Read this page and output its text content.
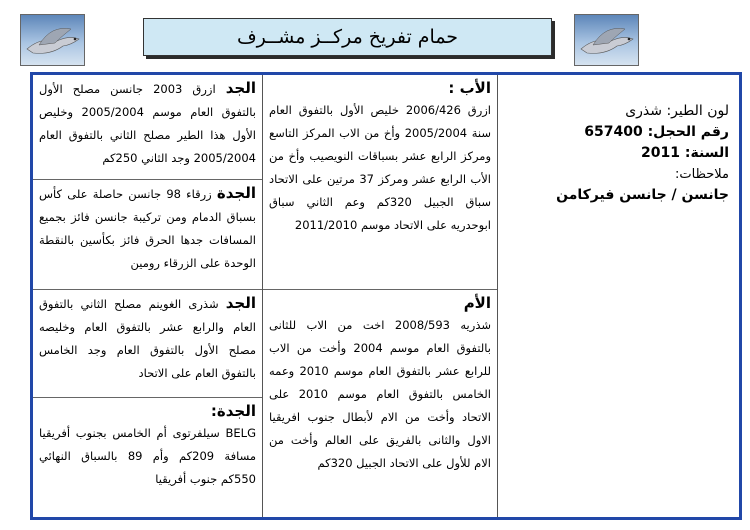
حمام تفريخ مركــز مشــرف
الجد ازرق 2003 جانسن مصلح الأول بالتفوق العام موسم 2005/2004 وخليص الأول هذا الطير مصلح الثاني بالتفوق العام 2005/2004 وجد الثاني 250كم
الجدة زرقاء 98 جانسن حاصلة على كأس بسباق الدمام ومن تركيبة جانسن فائز بجميع المسافات جدها الحرق فائز بكأسين بالنقطة الوحدة على الزرقاء رومين
الجد شذرى الغوينم مصلح الثاني بالتفوق العام والرابع عشر بالتفوق العام وخليصه مصلح الأول بالتفوق العام وجد الخامس بالتفوق العام على الاتحاد
الجدة:
BELG سيلفرتوى أم الخامس بجنوب أفريقيا مسافة 209كم وأم 89 بالسباق النهائي 550كم جنوب أفريقيا
الأب :
ازرق 2006/426 خليص الأول بالتفوق العام سنة 2005/2004 وأخ من الاب المركز التاسع ومركز الرابع عشر بسباقات النويصيب وأخ من الأب الرابع عشر ومركز 37 مرتين على الاتحاد سباق الجبيل 320كم وعم الثاني سباق ابوحدريه على الاتحاد موسم 2011/2010
الأم
شذريه 2008/593 اخت من الاب للثانى بالتفوق العام موسم 2004 وأخت من الاب للرابع عشر بالتفوق العام موسم 2010 وعمه الخامس بالتفوق العام موسم 2010 على الاتحاد وأخت من الام لأبطال جنوب افريقيا الاول والثانى بالفريق على العالم وأخت من الام للأول على الاتحاد الجبيل 320كم
لون الطير: شذرى
رقم الحجل: 657400
السنة: 2011
ملاحظات:
جانسن / جانسن فيركامن
